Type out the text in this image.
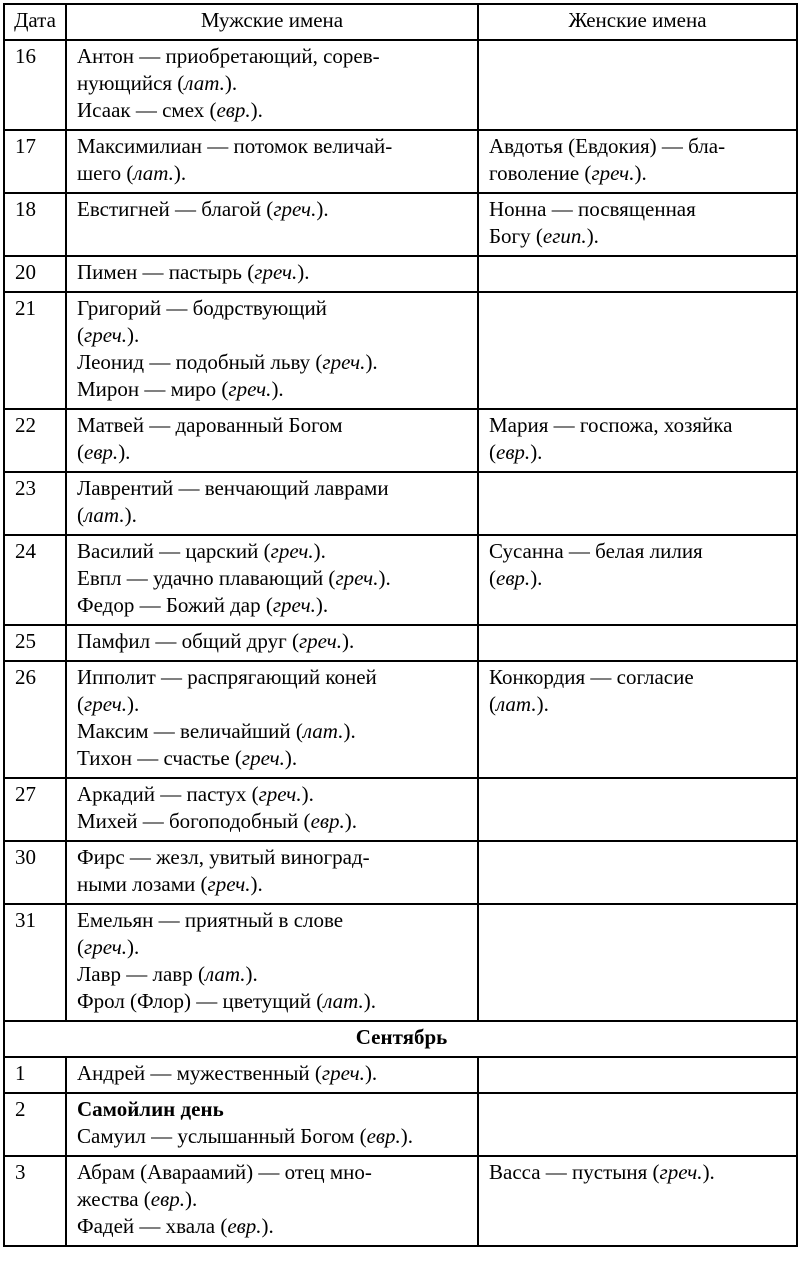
Дата	Мужские имена	Женские имена
16	Антон — приобретающий, сорев-
нующийся (лат.).
Исаак — смех (евр.).	
17	Максимилиан — потомок величай-
шего (лат.).	Авдотья (Евдокия) — бла-
говоление (греч.).
18	Евстигней — благой (греч.).	Нонна — посвященная
Богу (егип.).
20	Пимен — пастырь (греч.).	
21	Григорий — бодрствующий
(греч.).
Леонид — подобный льву (греч.).
Мирон — миро (греч.).	
22	Матвей — дарованный Богом
(евр.).	Мария — госпожа, хозяйка
(евр.).
23	Лаврентий — венчающий лаврами
(лат.).	
24	Василий — царский (греч.).
Евпл — удачно плавающий (греч.).
Федор — Божий дар (греч.).	Сусанна — белая лилия
(евр.).
25	Памфил — общий друг (греч.).	
26	Ипполит — распрягающий коней
(греч.).
Максим — величайший (лат.).
Тихон — счастье (греч.).	Конкордия — согласие
(лат.).
27	Аркадий — пастух (греч.).
Михей — богоподобный (евр.).	
30	Фирс — жезл, увитый виноград-
ными лозами (греч.).	
31	Емельян — приятный в слове
(греч.).
Лавр — лавр (лат.).
Фрол (Флор) — цветущий (лат.).	
Сентябрь		
1	Андрей — мужественный (греч.).	
2	Самойлин день
Самуил — услышанный Богом (евр.).	
3	Абрам (Авараамий) — отец мно-
жества (евр.).
Фадей — хвала (евр.).	Васса — пустыня (греч.).
